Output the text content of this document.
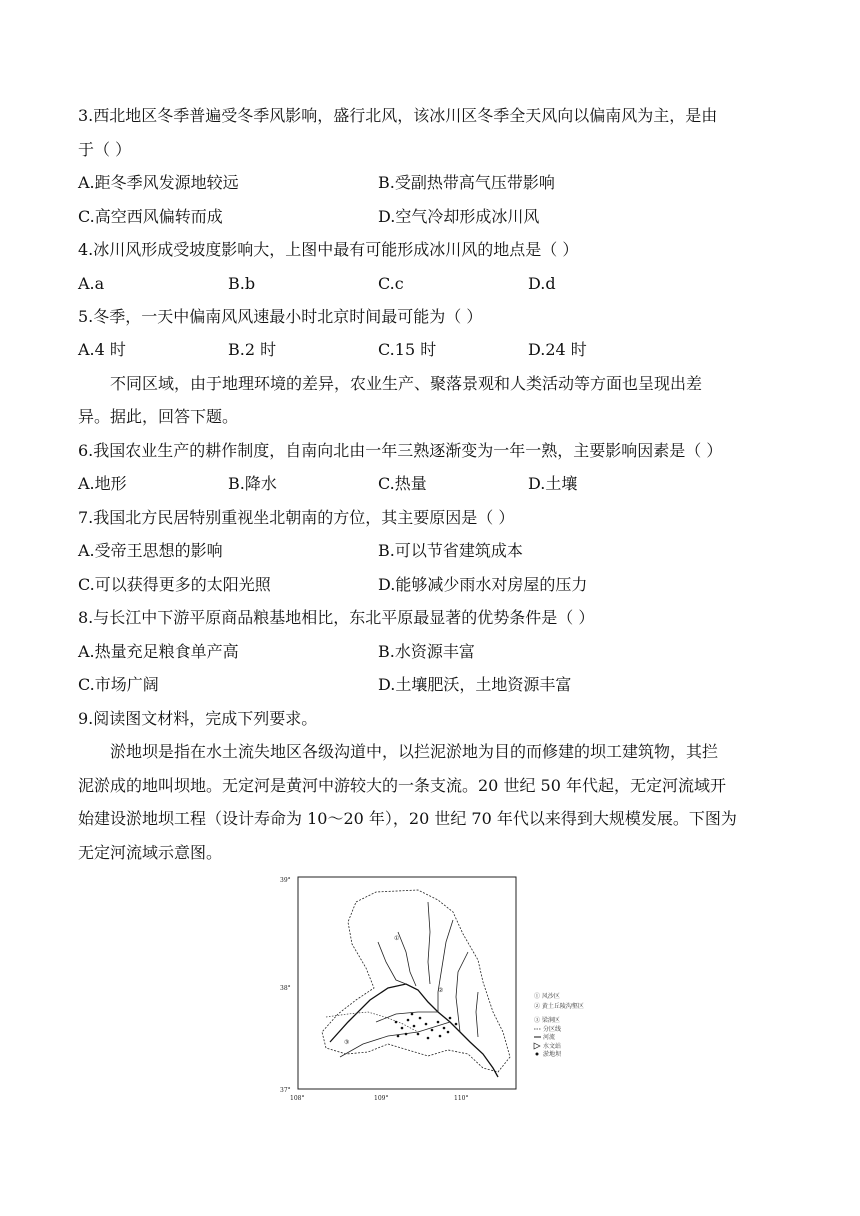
3.西北地区冬季普遍受冬季风影响，盛行北风，该冰川区冬季全天风向以偏南风为主，是由
于（ ）
A.距冬季风发源地较远	B.受副热带高气压带影响
C.高空西风偏转而成	D.空气冷却形成冰川风
4.冰川风形成受坡度影响大，上图中最有可能形成冰川风的地点是（ ）
A.a	B.b	C.c	D.d
5.冬季，一天中偏南风风速最小时北京时间最可能为（ ）
A.4 时	B.2 时	C.15 时	D.24 时
不同区域，由于地理环境的差异，农业生产、聚落景观和人类活动等方面也呈现出差
异。据此，回答下题。
6.我国农业生产的耕作制度，自南向北由一年三熟逐渐变为一年一熟，主要影响因素是（ ）
A.地形	B.降水	C.热量	D.土壤
7.我国北方民居特别重视坐北朝南的方位，其主要原因是（ ）
A.受帝王思想的影响	B.可以节省建筑成本
C.可以获得更多的太阳光照	D.能够减少雨水对房屋的压力
8.与长江中下游平原商品粮基地相比，东北平原最显著的优势条件是（ ）
A.热量充足粮食单产高	B.水资源丰富
C.市场广阔	D.土壤肥沃，土地资源丰富
9.阅读图文材料，完成下列要求。
淤地坝是指在水土流失地区各级沟道中，以拦泥淤地为目的而修建的坝工建筑物，其拦
泥淤成的地叫坝地。无定河是黄河中游较大的一条支流。20 世纪 50 年代起，无定河流域开
始建设淤地坝工程（设计寿命为 10～20 年），20 世纪 70 年代以来得到大规模发展。下图为
无定河流域示意图。
39°
38°
37°
108°	109°	110°
①
②
③
① 风沙区
② 黄土丘陵沟壑区
③ 梁涧区
分区线
河流
水文站
淤地坝
